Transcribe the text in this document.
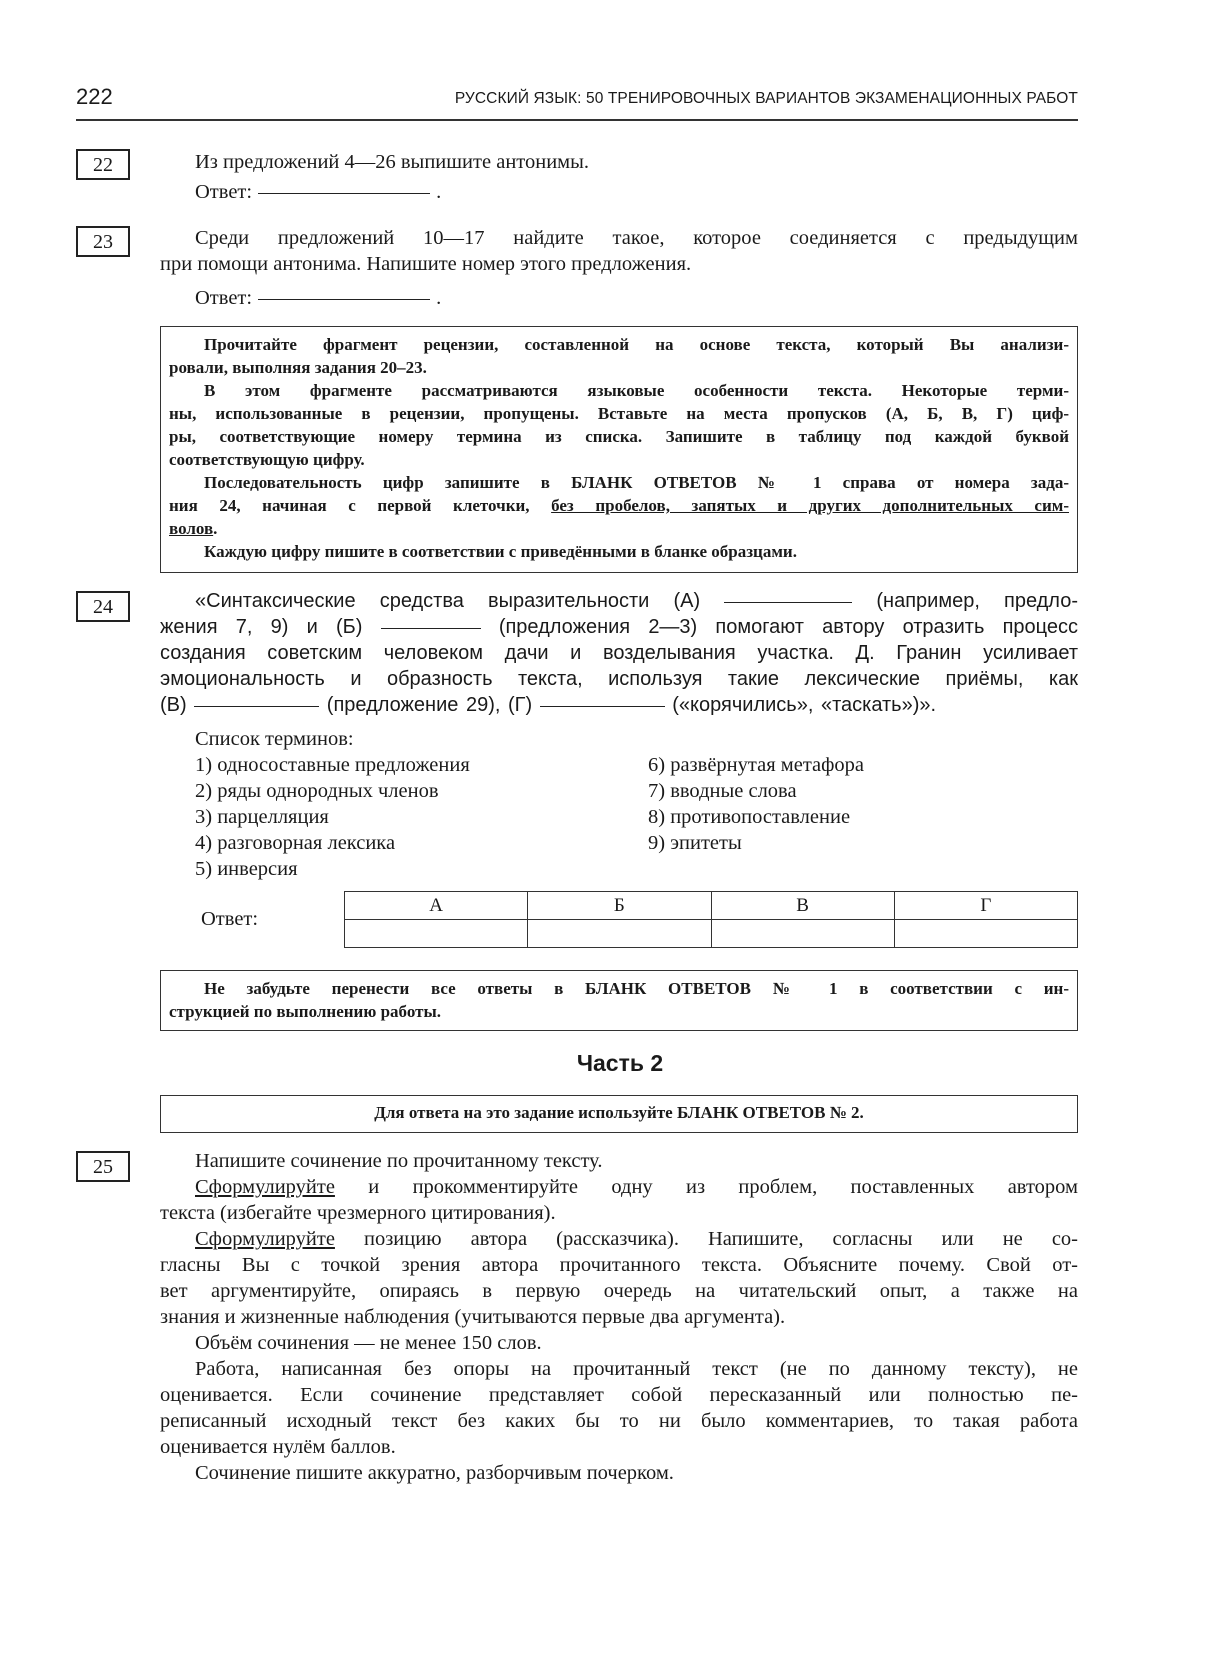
222	РУССКИЙ ЯЗЫК: 50 ТРЕНИРОВОЧНЫХ ВАРИАНТОВ ЭКЗАМЕНАЦИОННЫХ РАБОТ
22	Из предложений 4—26 выпишите антонимы.
Ответ:	.
23	Среди предложений 10—17 найдите такое, которое соединяется с предыдущим
при помощи антонима. Напишите номер этого предложения.
Ответ:	.
Прочитайте фрагмент рецензии, составленной на основе текста, который Вы анализи-
ровали, выполняя задания 20–23.
В этом фрагменте рассматриваются языковые особенности текста. Некоторые терми-
ны, использованные в рецензии, пропущены. Вставьте на места пропусков (А, Б, В, Г) циф-
ры, соответствующие номеру термина из списка. Запишите в таблицу под каждой буквой
соответствующую цифру.
Последовательность цифр запишите в БЛАНК ОТВЕТОВ № 1 справа от номера зада-
ния 24, начиная с первой клеточки, без пробелов, запятых и других дополнительных сим-
волов.
Каждую цифру пишите в соответствии с приведёнными в бланке образцами.
24	«Синтаксические средства выразительности (А)	(например, предло-
жения 7, 9) и (Б)	(предложения 2—3) помогают автору отразить процесс
создания советским человеком дачи и возделывания участка. Д. Гранин усиливает
эмоциональность и образность текста, используя такие лексические приёмы, как
(В)	(предложение 29), (Г)	(«корячились», «таскать»)».
Список терминов:
1) односоставные предложения
2) ряды однородных членов
3) парцелляция
4) разговорная лексика
5) инверсия
6) развёрнутая метафора
7) вводные слова
8) противопоставление
9) эпитеты
Ответ:
А	Б	В	Г

Не забудьте перенести все ответы в БЛАНК ОТВЕТОВ № 1 в соответствии с ин-
струкцией по выполнению работы.
Часть 2
Для ответа на это задание используйте БЛАНК ОТВЕТОВ № 2.
25	Напишите сочинение по прочитанному тексту.
Сформулируйте и прокомментируйте одну из проблем, поставленных автором
текста (избегайте чрезмерного цитирования).
Сформулируйте позицию автора (рассказчика). Напишите, согласны или не со-
гласны Вы с точкой зрения автора прочитанного текста. Объясните почему. Свой от-
вет аргументируйте, опираясь в первую очередь на читательский опыт, а также на
знания и жизненные наблюдения (учитываются первые два аргумента).
Объём сочинения — не менее 150 слов.
Работа, написанная без опоры на прочитанный текст (не по данному тексту), не
оценивается. Если сочинение представляет собой пересказанный или полностью пе-
реписанный исходный текст без каких бы то ни было комментариев, то такая работа
оценивается нулём баллов.
Сочинение пишите аккуратно, разборчивым почерком.
